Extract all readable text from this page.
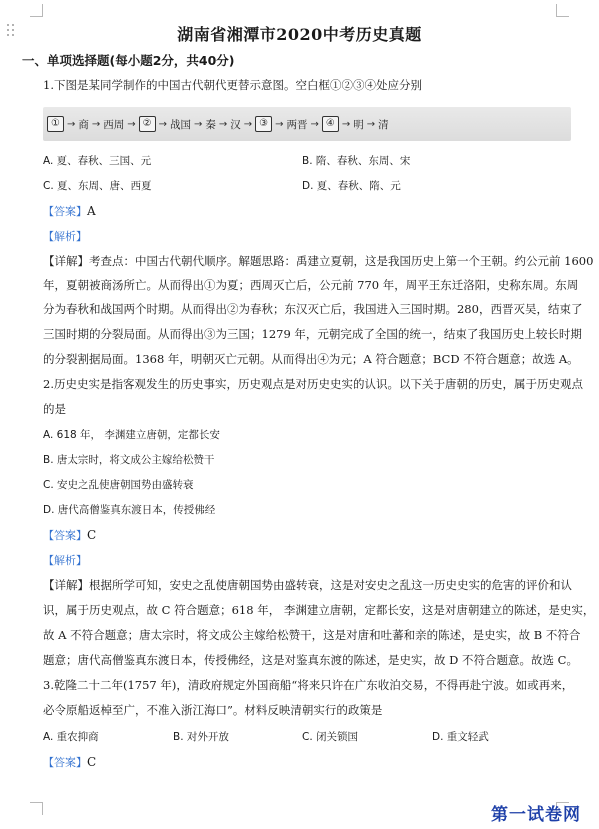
湖南省湘潭市2020中考历史真题
一、单项选择题(每小题2分，共40分)
1.下图是某同学制作的中国古代朝代更替示意图。空白框①②③④处应分别
① → 商 → 西周 → ② → 战国 → 秦 → 汉 → ③ → 两晋 → ④ → 明 → 清
A. 夏、春秋、三国、元	B. 隋、春秋、东周、宋
C. 夏、东周、唐、西夏	D. 夏、春秋、隋、元
【答案】A
【解析】
【详解】考查点：中国古代朝代顺序。解题思路：禹建立夏朝，这是我国历史上第一个王朝。约公元前 1600
年，夏朝被商汤所亡。从而得出①为夏；西周灭亡后，公元前 770 年，周平王东迁洛阳，史称东周。东周
分为春秋和战国两个时期。从而得出②为春秋；东汉灭亡后，我国进入三国时期。280，西晋灭吴，结束了
三国时期的分裂局面。从而得出③为三国；1279 年，元朝完成了全国的统一，结束了我国历史上较长时期
的分裂割据局面。1368 年，明朝灭亡元朝。从而得出④为元；A 符合题意；BCD 不符合题意；故选 A。
2.历史史实是指客观发生的历史事实，历史观点是对历史史实的认识。以下关于唐朝的历史，属于历史观点
的是
A. 618 年， 李渊建立唐朝，定都长安
B. 唐太宗时，将文成公主嫁给松赞干
C. 安史之乱使唐朝国势由盛转衰
D. 唐代高僧鉴真东渡日本，传授佛经
【答案】C
【解析】
【详解】根据所学可知，安史之乱使唐朝国势由盛转衰，这是对安史之乱这一历史史实的危害的评价和认
识，属于历史观点，故 C 符合题意；618 年， 李渊建立唐朝，定都长安，这是对唐朝建立的陈述，是史实，
故 A 不符合题意；唐太宗时，将文成公主嫁给松赞干，这是对唐和吐蕃和亲的陈述，是史实，故 B 不符合
题意；唐代高僧鉴真东渡日本，传授佛经，这是对鉴真东渡的陈述，是史实，故 D 不符合题意。故选 C。
3.乾隆二十二年(1757 年)，清政府规定外国商船“将来只许在广东收泊交易，不得再赴宁波。如或再来，
必令原船返棹至广，不准入浙江海口”。材料反映清朝实行的政策是
A. 重农抑商	B. 对外开放	C. 闭关锁国	D. 重文轻武
【答案】C
第一试卷网
